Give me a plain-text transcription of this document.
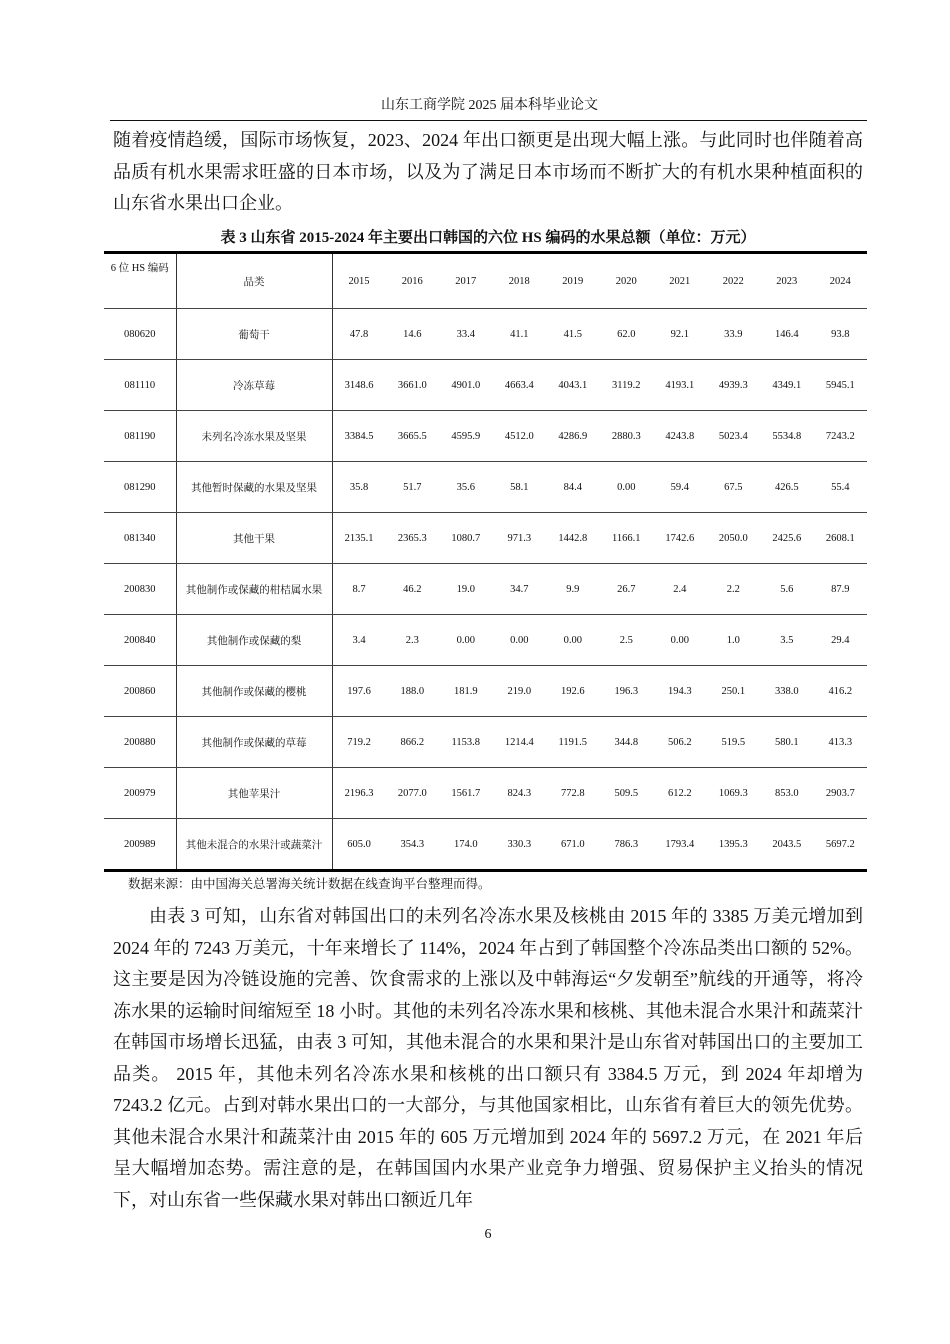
山东工商学院 2025 届本科毕业论文

随着疫情趋缓，国际市场恢复，2023、2024 年出口额更是出现大幅上涨。与此同时也伴随着高品质有机水果需求旺盛的日本市场，以及为了满足日本市场而不断扩大的有机水果种植面积的山东省水果出口企业。

表 3 山东省 2015-2024 年主要出口韩国的六位 HS 编码的水果总额（单位：万元）
6 位 HS 编码	品类	2015	2016	2017	2018	2019	2020	2021	2022	2023	2024
080620	葡萄干	47.8	14.6	33.4	41.1	41.5	62.0	92.1	33.9	146.4	93.8
081110	冷冻草莓	3148.6	3661.0	4901.0	4663.4	4043.1	3119.2	4193.1	4939.3	4349.1	5945.1
081190	未列名冷冻水果及坚果	3384.5	3665.5	4595.9	4512.0	4286.9	2880.3	4243.8	5023.4	5534.8	7243.2
081290	其他暂时保藏的水果及坚果	35.8	51.7	35.6	58.1	84.4	0.00	59.4	67.5	426.5	55.4
081340	其他干果	2135.1	2365.3	1080.7	971.3	1442.8	1166.1	1742.6	2050.0	2425.6	2608.1
200830	其他制作或保藏的柑桔属水果	8.7	46.2	19.0	34.7	9.9	26.7	2.4	2.2	5.6	87.9
200840	其他制作或保藏的梨	3.4	2.3	0.00	0.00	0.00	2.5	0.00	1.0	3.5	29.4
200860	其他制作或保藏的樱桃	197.6	188.0	181.9	219.0	192.6	196.3	194.3	250.1	338.0	416.2
200880	其他制作或保藏的草莓	719.2	866.2	1153.8	1214.4	1191.5	344.8	506.2	519.5	580.1	413.3
200979	其他苹果汁	2196.3	2077.0	1561.7	824.3	772.8	509.5	612.2	1069.3	853.0	2903.7
200989	其他未混合的水果汁或蔬菜汁	605.0	354.3	174.0	330.3	671.0	786.3	1793.4	1395.3	2043.5	5697.2
数据来源：由中国海关总署海关统计数据在线查询平台整理而得。

由表 3 可知，山东省对韩国出口的未列名冷冻水果及核桃由 2015 年的 3385 万美元增加到 2024 年的 7243 万美元，十年来增长了 114%，2024 年占到了韩国整个冷冻品类出口额的 52%。这主要是因为冷链设施的完善、饮食需求的上涨以及中韩海运“夕发朝至”航线的开通等，将冷冻水果的运输时间缩短至 18 小时。其他的未列名冷冻水果和核桃、其他未混合水果汁和蔬菜汁在韩国市场增长迅猛，由表 3 可知，其他未混合的水果和果汁是山东省对韩国出口的主要加工品类。 2015 年，其他未列名冷冻水果和核桃的出口额只有 3384.5 万元，到 2024 年却增为 7243.2 亿元。占到对韩水果出口的一大部分，与其他国家相比，山东省有着巨大的领先优势。其他未混合水果汁和蔬菜汁由 2015 年的 605 万元增加到 2024 年的 5697.2 万元，在 2021 年后呈大幅增加态势。需注意的是，在韩国国内水果产业竞争力增强、贸易保护主义抬头的情况下，对山东省一些保藏水果对韩出口额近几年

6
